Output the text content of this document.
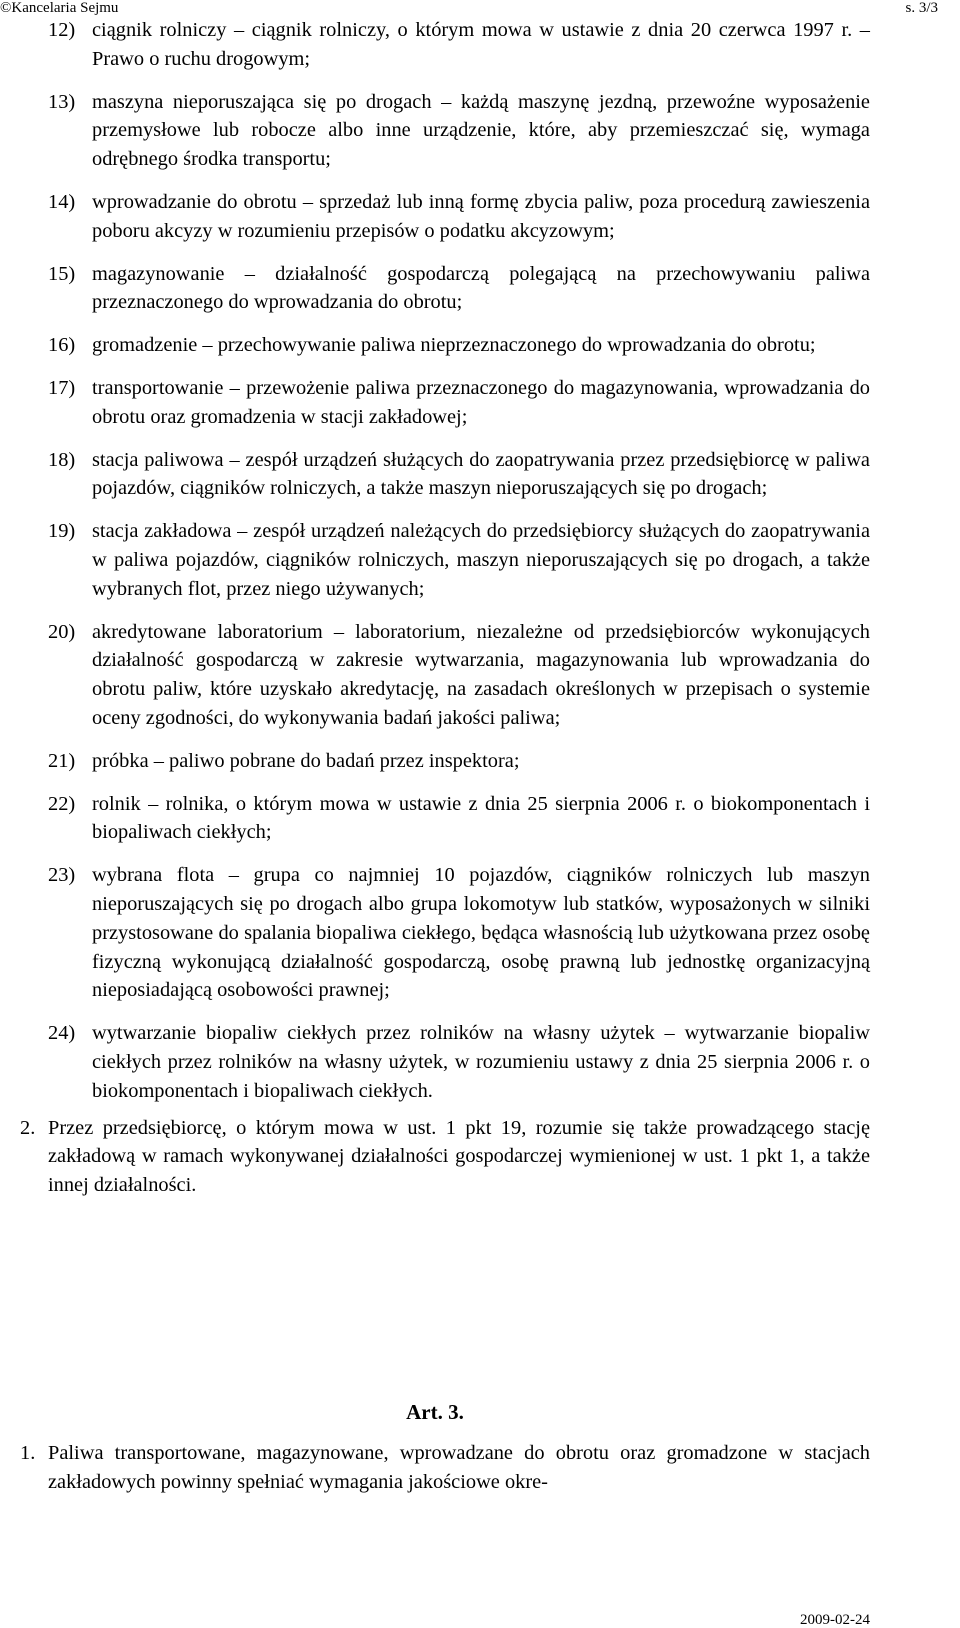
©Kancelaria Sejmu	s. 3/3
12) ciągnik rolniczy – ciągnik rolniczy, o którym mowa w ustawie z dnia 20 czerwca 1997 r. – Prawo o ruchu drogowym;
13) maszyna nieporuszająca się po drogach – każdą maszynę jezdną, przewoźne wyposażenie przemysłowe lub robocze albo inne urządzenie, które, aby przemieszczać się, wymaga odrębnego środka transportu;
14) wprowadzanie do obrotu – sprzedaż lub inną formę zbycia paliw, poza procedurą zawieszenia poboru akcyzy w rozumieniu przepisów o podatku akcyzowym;
15) magazynowanie – działalność gospodarczą polegającą na przechowywaniu paliwa przeznaczonego do wprowadzania do obrotu;
16) gromadzenie – przechowywanie paliwa nieprzeznaczonego do wprowadzania do obrotu;
17) transportowanie – przewożenie paliwa przeznaczonego do magazynowania, wprowadzania do obrotu oraz gromadzenia w stacji zakładowej;
18) stacja paliwowa – zespół urządzeń służących do zaopatrywania przez przedsiębiorcę w paliwa pojazdów, ciągników rolniczych, a także maszyn nieporuszających się po drogach;
19) stacja zakładowa – zespół urządzeń należących do przedsiębiorcy służących do zaopatrywania w paliwa pojazdów, ciągników rolniczych, maszyn nieporuszających się po drogach, a także wybranych flot, przez niego używanych;
20) akredytowane laboratorium – laboratorium, niezależne od przedsiębiorców wykonujących działalność gospodarczą w zakresie wytwarzania, magazynowania lub wprowadzania do obrotu paliw, które uzyskało akredytację, na zasadach określonych w przepisach o systemie oceny zgodności, do wykonywania badań jakości paliwa;
21) próbka – paliwo pobrane do badań przez inspektora;
22) rolnik – rolnika, o którym mowa w ustawie z dnia 25 sierpnia 2006 r. o biokomponentach i biopaliwach ciekłych;
23) wybrana flota – grupa co najmniej 10 pojazdów, ciągników rolniczych lub maszyn nieporuszających się po drogach albo grupa lokomotyw lub statków, wyposażonych w silniki przystosowane do spalania biopaliwa ciekłego, będąca własnością lub użytkowana przez osobę fizyczną wykonującą działalność gospodarczą, osobę prawną lub jednostkę organizacyjną nieposiadającą osobowości prawnej;
24) wytwarzanie biopaliw ciekłych przez rolników na własny użytek – wytwarzanie biopaliw ciekłych przez rolników na własny użytek, w rozumieniu ustawy z dnia 25 sierpnia 2006 r. o biokomponentach i biopaliwach ciekłych.
2. Przez przedsiębiorcę, o którym mowa w ust. 1 pkt 19, rozumie się także prowadzącego stację zakładową w ramach wykonywanej działalności gospodarczej wymienionej w ust. 1 pkt 1, a także innej działalności.
Art. 3.
1. Paliwa transportowane, magazynowane, wprowadzane do obrotu oraz gromadzone w stacjach zakładowych powinny spełniać wymagania jakościowe okre-
2009-02-24
